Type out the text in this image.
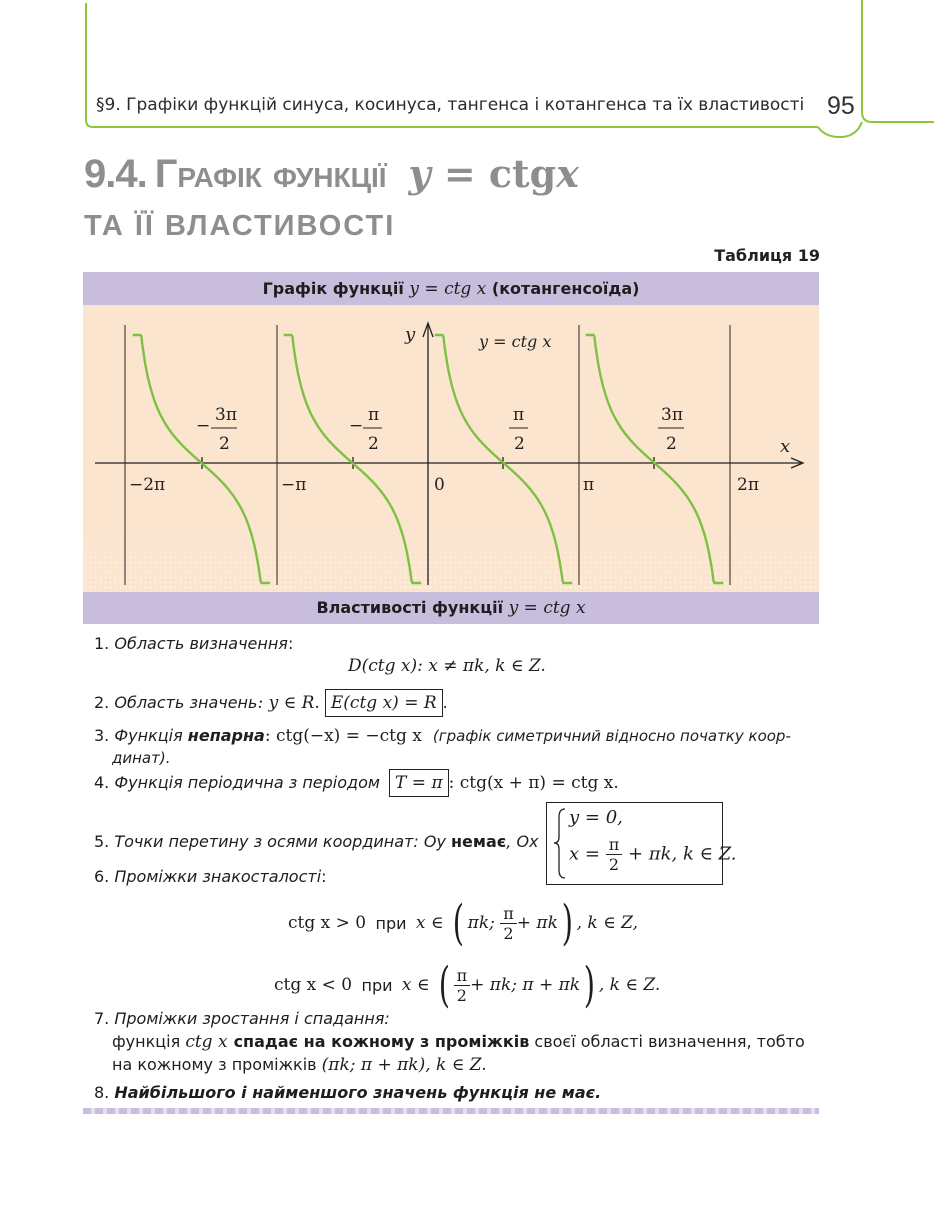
§9. Графіки функцій синуса, косинуса, тангенса і котангенса та їх властивості 95
9.4. Графік функції y = ctgx
ТА ЇЇ ВЛАСТИВОСТІ
Таблиця 19
Графік функції y = ctg x (котангенсоїда)
−2π	−π	0	π	2π
x
y	y = ctg x
−
3π
2
−
π
2
π
2
3π
2
Властивості функції y = ctg x
1. Область визначення:
D(ctg x): x ≠ πk, k ∈ Z.
2. Область значень: y ∈ R. E(ctg x) = R .
3. Функція непарна: ctg(−x) = −ctg x (графік симетричний відносно початку коор-
динат).
4. Функція періодична з періодом T = π : ctg(x + π) = ctg x.
5. Точки перетину з осями координат: Oy немає, Ox
y = 0,
$x = \frac{\pi}{2} + \pi k$, k ∈ Z.
6. Проміжки знакосталості:
ctg x > 0 при x ∈ ( πk; $\frac{\pi}{2} + \pi k$) , k ∈ Z,
ctg x < 0 при x ∈ ( $\frac{\pi}{2} + \pi k$; π + πk) , k ∈ Z.
7. Проміжки зростання і спадання:
функція ctg x спадає на кожному з проміжків своєї області визначення, тобто
на кожному з проміжків (πk; π + πk), k ∈ Z.
8. Найбільшого і найменшого значень функція не має.
